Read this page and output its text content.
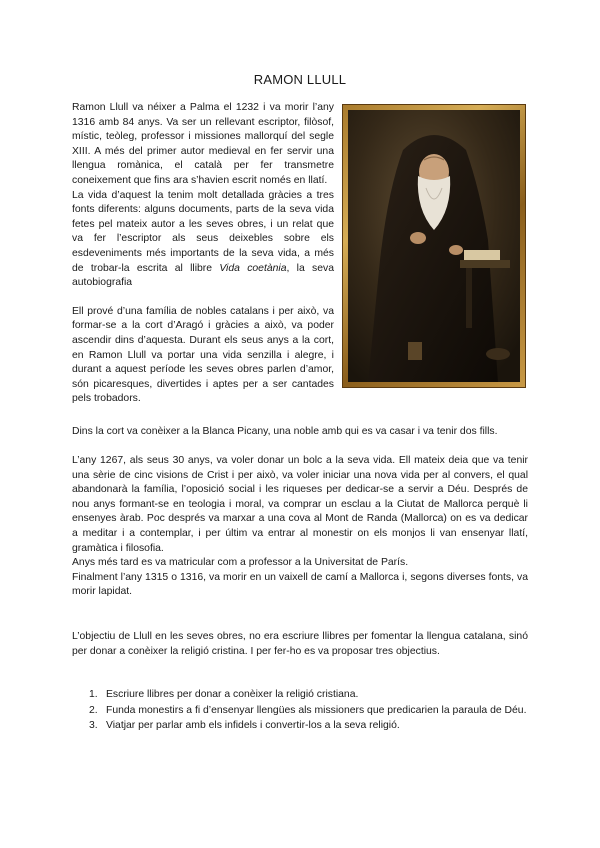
RAMON LLULL

Ramon Llull va néixer a Palma el 1232 i va morir l’any 1316 amb 84 anys. Va ser un rellevant escriptor, filòsof, místic, teòleg, professor i missiones mallorquí del segle XIII. A més del primer autor medieval en fer servir una llengua romànica, el català per fer transmetre coneixement que fins ara s’havien escrit només en llatí.

La vida d’aquest la tenim molt detallada gràcies a tres fonts diferents: alguns documents, parts de la seva vida fetes pel mateix autor a les seves obres, i un relat que va fer l’escriptor als seus deixebles sobre els esdeveniments més importants de la seva vida, a més de trobar-la escrita al llibre Vida coetània, la seva autobiografia

Ell prové d’una família de nobles catalans i per això, va formar-se a la cort d’Aragó i gràcies a això, va poder ascendir dins d’aquesta. Durant els seus anys a la cort, en Ramon Llull va portar una vida senzilla i alegre, i durant a aquest període les seves obres parlen d’amor, són picaresques, divertides i aptes per a ser cantades pels trobadors.

Dins la cort va conèixer a la Blanca Picany, una noble amb qui es va casar i va tenir dos fills.

L’any 1267, als seus 30 anys, va voler donar un bolc a la seva vida. Ell mateix deia que va tenir una sèrie de cinc visions de Crist i per això, va voler iniciar una nova vida per al convers, el qual abandonarà la família, l’oposició social i les riqueses per dedicar-se a servir a Déu. Després de nou anys formant-se en teologia i moral, va comprar un esclau a la Ciutat de Mallorca perquè li ensenyes àrab. Poc després va marxar a una cova al Mont de Randa (Mallorca) on es va dedicar a meditar i a contemplar, i per últim va entrar al monestir on els monjos li van ensenyar llatí, gramàtica i filosofia.

Anys més tard es va matricular com a professor a la Universitat de París.

Finalment l’any 1315 o 1316, va morir en un vaixell de camí a Mallorca i, segons diverses fonts, va morir lapidat.

L’objectiu de Llull en les seves obres, no era escriure llibres per fomentar la llengua catalana, sinó per donar a conèixer la religió cristina. I per fer-ho es va proposar tres objectius.
1. Escriure llibres per donar a conèixer la religió cristiana.
2. Funda monestirs a fi d’ensenyar llengües als missioners que predicarien la paraula de Déu.
3. Viatjar per parlar amb els infidels i convertir-los a la seva religió.
